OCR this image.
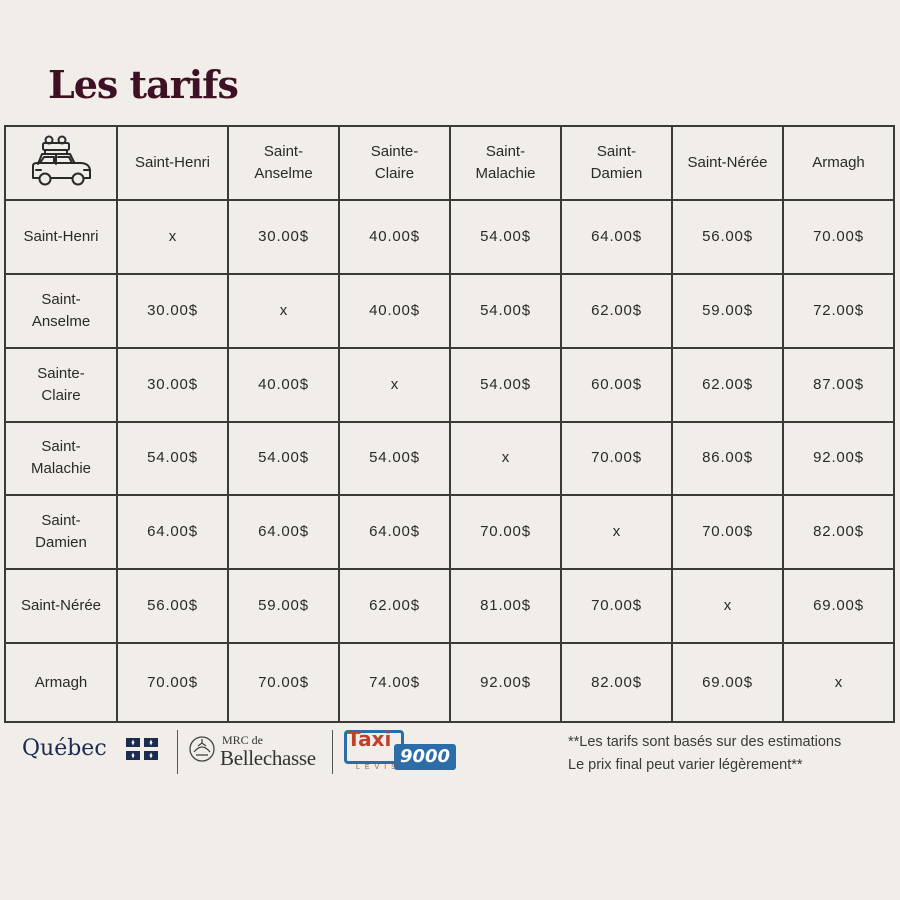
Les tarifs
	Saint-Henri	Saint-Anselme	Sainte-Claire	Saint-Malachie	Saint-Damien	Saint-Nérée	Armagh
Saint-Henri	x	30.00$	40.00$	54.00$	64.00$	56.00$	70.00$
Saint-Anselme	30.00$	x	40.00$	54.00$	62.00$	59.00$	72.00$
Sainte-Claire	30.00$	40.00$	x	54.00$	60.00$	62.00$	87.00$
Saint-Malachie	54.00$	54.00$	54.00$	x	70.00$	86.00$	92.00$
Saint-Damien	64.00$	64.00$	64.00$	70.00$	x	70.00$	82.00$
Saint-Nérée	56.00$	59.00$	62.00$	81.00$	70.00$	x	69.00$
Armagh	70.00$	70.00$	74.00$	92.00$	82.00$	69.00$	x
Québec	MRC de
Bellechasse
Taxi
9000
LEVIS
**Les tarifs sont basés sur des estimations
Le prix final peut varier légèrement**
